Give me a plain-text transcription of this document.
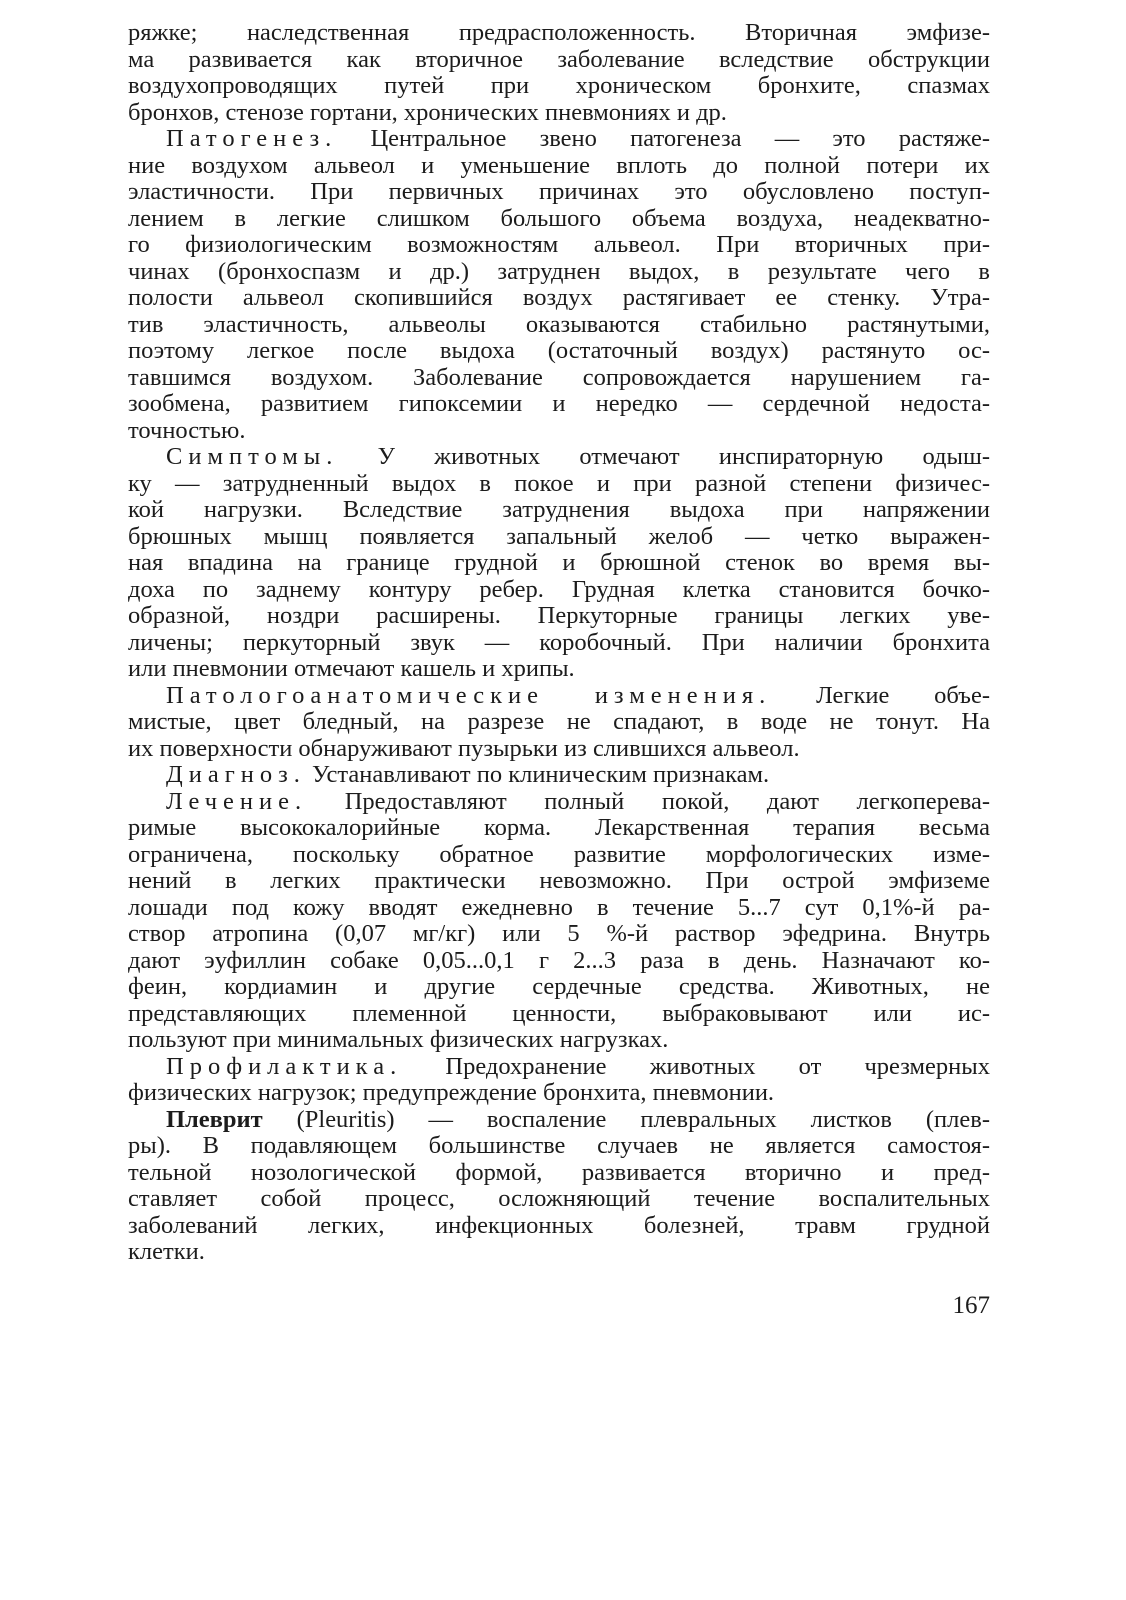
ряжке; наследственная предрасположенность. Вторичная эмфизе-
ма развивается как вторичное заболевание вследствие обструкции
воздухопроводящих путей при хроническом бронхите, спазмах
бронхов, стенозе гортани, хронических пневмониях и др.
Патогенез. Центральное звено патогенеза — это растяже-
ние воздухом альвеол и уменьшение вплоть до полной потери их
эластичности. При первичных причинах это обусловлено поступ-
лением в легкие слишком большого объема воздуха, неадекватно-
го физиологическим возможностям альвеол. При вторичных при-
чинах (бронхоспазм и др.) затруднен выдох, в результате чего в
полости альвеол скопившийся воздух растягивает ее стенку. Утра-
тив эластичность, альвеолы оказываются стабильно растянутыми,
поэтому легкое после выдоха (остаточный воздух) растянуто ос-
тавшимся воздухом. Заболевание сопровождается нарушением га-
зообмена, развитием гипоксемии и нередко — сердечной недоста-
точностью.
Симптомы. У животных отмечают инспираторную одыш-
ку — затрудненный выдох в покое и при разной степени физичес-
кой нагрузки. Вследствие затруднения выдоха при напряжении
брюшных мышц появляется запальный желоб — четко выражен-
ная впадина на границе грудной и брюшной стенок во время вы-
доха по заднему контуру ребер. Грудная клетка становится бочко-
образной, ноздри расширены. Перкуторные границы легких уве-
личены; перкуторный звук — коробочный. При наличии бронхита
или пневмонии отмечают кашель и хрипы.
Патологоанатомические изменения. Легкие объе-
мистые, цвет бледный, на разрезе не спадают, в воде не тонут. На
их поверхности обнаруживают пузырьки из слившихся альвеол.
Диагноз. Устанавливают по клиническим признакам.
Лечение. Предоставляют полный покой, дают легкоперева-
римые высококалорийные корма. Лекарственная терапия весьма
ограничена, поскольку обратное развитие морфологических изме-
нений в легких практически невозможно. При острой эмфиземе
лошади под кожу вводят ежедневно в течение 5...7 сут 0,1%-й ра-
створ атропина (0,07 мг/кг) или 5 %-й раствор эфедрина. Внутрь
дают эуфиллин собаке 0,05...0,1 г 2...3 раза в день. Назначают ко-
феин, кордиамин и другие сердечные средства. Животных, не
представляющих племенной ценности, выбраковывают или ис-
пользуют при минимальных физических нагрузках.
Профилактика. Предохранение животных от чрезмерных
физических нагрузок; предупреждение бронхита, пневмонии.
Плеврит (Pleuritis) — воспаление плевральных листков (плев-
ры). В подавляющем большинстве случаев не является самостоя-
тельной нозологической формой, развивается вторично и пред-
ставляет собой процесс, осложняющий течение воспалительных
заболеваний легких, инфекционных болезней, травм грудной
клетки.
167
